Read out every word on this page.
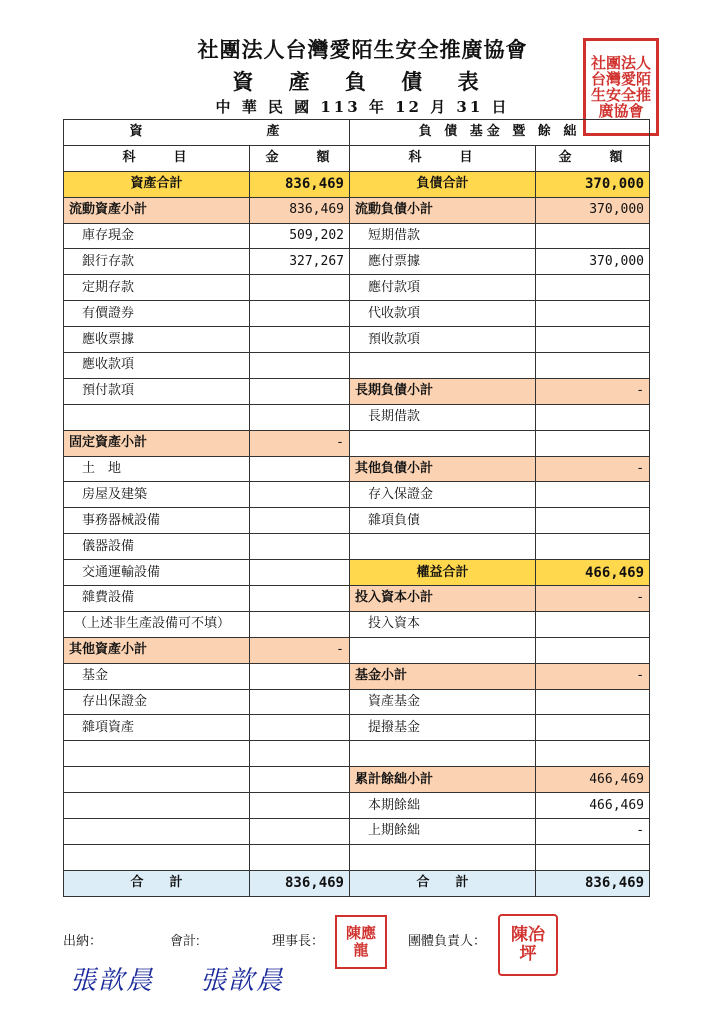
社團法人台灣愛陌生安全推廣協會
資 產 負 債 表
中 華 民 國 113 年 12 月 31 日
社團法人台灣愛陌生安全推廣協會
資 產		負 債 基金 暨 餘 絀	
科　　目	金　　額	科　　目	金　　額
資產合計	836,469	負債合計	370,000
流動資產小計	836,469	流動負債小計	370,000
庫存現金	509,202	短期借款	
銀行存款	327,267	應付票據	370,000
定期存款		應付款項	
有價證券		代收款項	
應收票據		預收款項	
應收款項			
預付款項		長期負債小計	-
		長期借款	
固定資產小計	-		
土　地		其他負債小計	-
房屋及建築		存入保證金	
事務器械設備		雜項負債	
儀器設備			
交通運輸設備		權益合計	466,469
雜費設備		投入資本小計	-
（上述非生產設備可不填）		投入資本	
其他資產小計	-		
基金		基金小計	-
存出保證金		資產基金	
雜項資產		提撥基金	

		累計餘絀小計	466,469
		本期餘絀	466,469
		上期餘絀	-

合　　計	836,469	合　　計	836,469
出納：	會計:	理事長：	團體負責人：
陳應龍
陳冶坪
張歆晨 張歆晨
